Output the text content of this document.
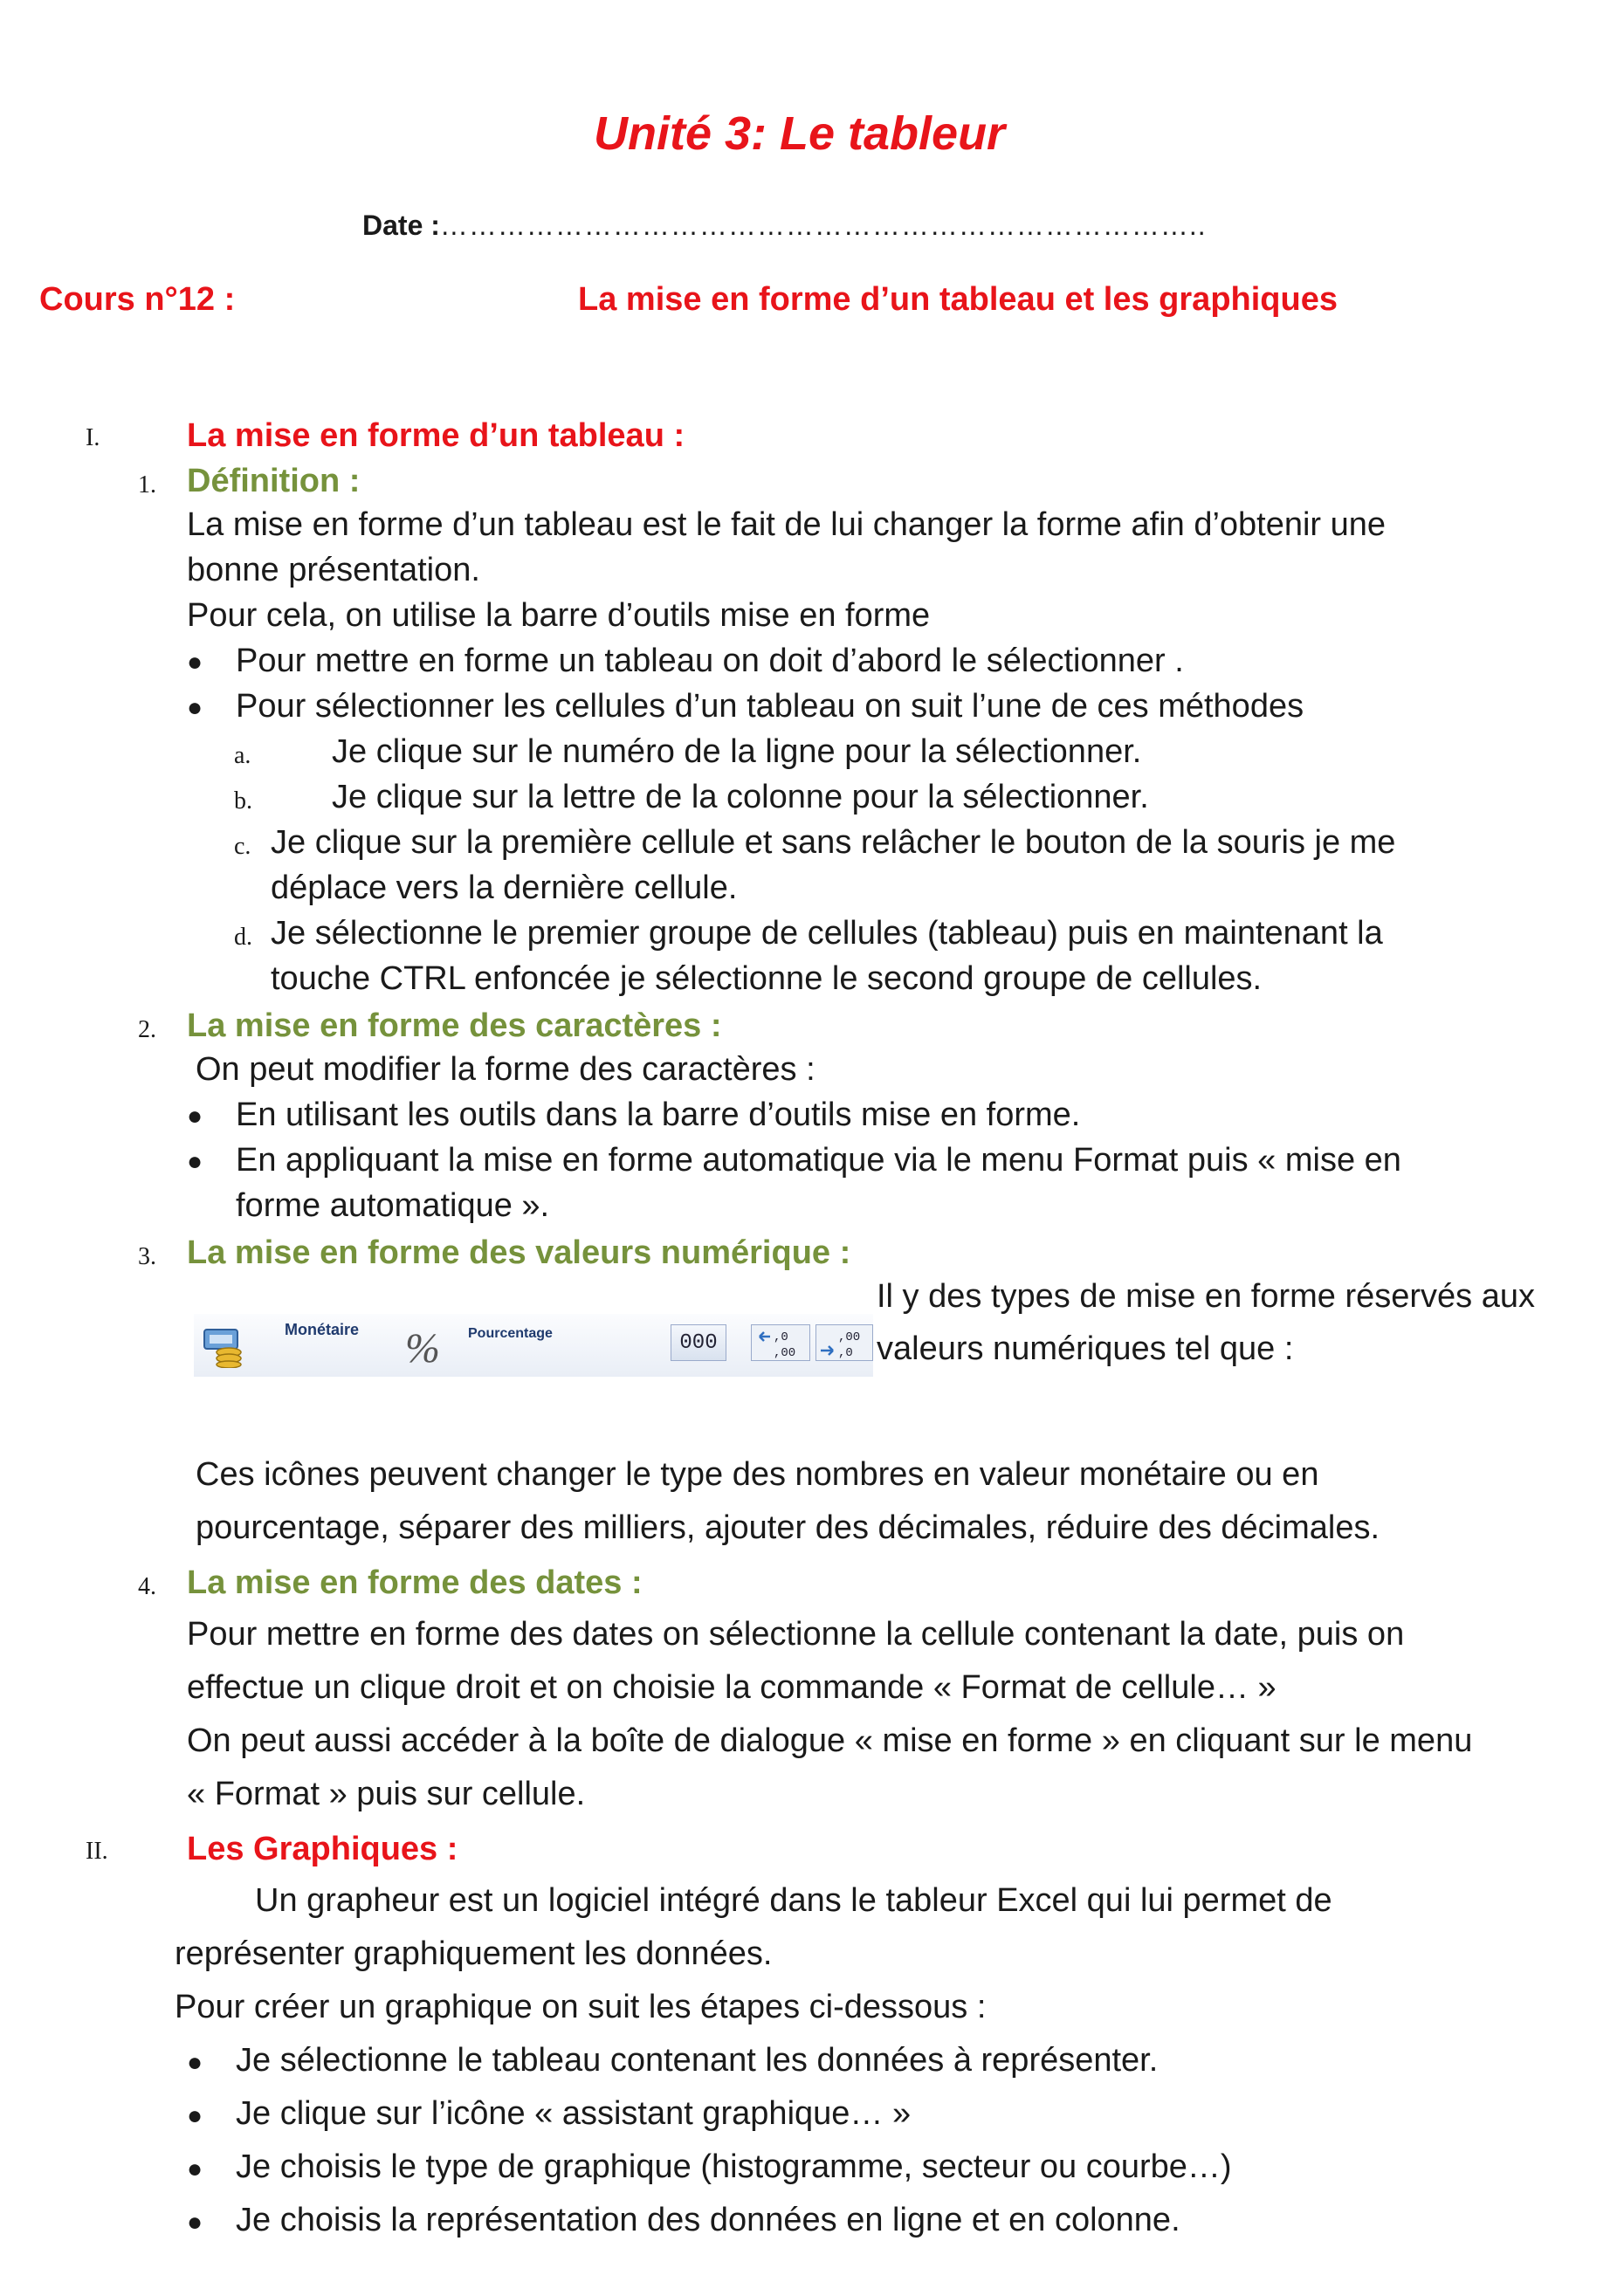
Unité 3: Le tableur
Date :……………………………………………………………………..
Cours n°12 :	La mise en forme d’un tableau et les graphiques
I.	La mise en forme d’un tableau :
1. Définition :
La mise en forme d’un tableau est le fait de lui changer la forme afin d’obtenir une
bonne présentation.
Pour cela, on utilise la barre d’outils mise en forme
● Pour mettre en forme un tableau on doit d’abord le sélectionner .
● Pour sélectionner les cellules d’un tableau on suit l’une de ces méthodes
a. Je clique sur le numéro de la ligne pour la sélectionner.
b. Je clique sur la lettre de la colonne pour la sélectionner.
c. Je clique sur la première cellule et sans relâcher le bouton de la souris je me
déplace vers la dernière cellule.
d. Je sélectionne le premier groupe de cellules (tableau) puis en maintenant la
touche CTRL enfoncée je sélectionne le second groupe de cellules.
2. La mise en forme des caractères :
On peut modifier la forme des caractères :
● En utilisant les outils dans la barre d’outils mise en forme.
● En appliquant la mise en forme automatique via le menu Format puis « mise en
forme automatique ».
3. La mise en forme des valeurs numérique :
Il y des types de mise en forme réservés aux
valeurs numériques tel que :
Monétaire % Pourcentage	000	,0
,00
,00
,0
Ces icônes peuvent changer le type des nombres en valeur monétaire ou en
pourcentage, séparer des milliers, ajouter des décimales, réduire des décimales.
4. La mise en forme des dates :
Pour mettre en forme des dates on sélectionne la cellule contenant la date, puis on
effectue un clique droit et on choisie la commande « Format de cellule… »
On peut aussi accéder à la boîte de dialogue « mise en forme » en cliquant sur le menu
« Format » puis sur cellule.
II. Les Graphiques :
Un grapheur est un logiciel intégré dans le tableur Excel qui lui permet de
représenter graphiquement les données.
Pour créer un graphique on suit les étapes ci-dessous :
● Je sélectionne le tableau contenant les données à représenter.
● Je clique sur l’icône « assistant graphique… »
● Je choisis le type de graphique (histogramme, secteur ou courbe…)
● Je choisis la représentation des données en ligne et en colonne.
